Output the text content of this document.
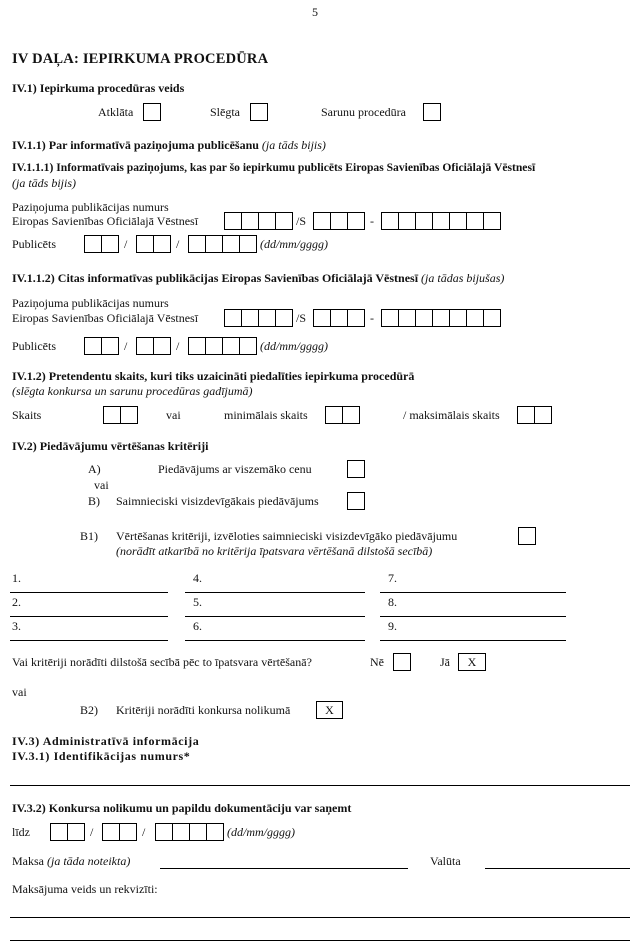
5
IV DAĻA: IEPIRKUMA PROCEDŪRA
IV.1) Iepirkuma procedūras veids
Atklāta	Slēgta	Sarunu procedūra
IV.1.1) Par informatīvā paziņojuma publicēšanu (ja tāds bijis)
IV.1.1.1) Informatīvais paziņojums, kas par šo iepirkumu publicēts Eiropas Savienības Oficiālajā Vēstnesī
(ja tāds bijis)
Paziņojuma publikācijas numurs
Eiropas Savienības Oficiālajā Vēstnesī	/S	-
Publicēts	/	/	(dd/mm/gggg)
IV.1.1.2) Citas informatīvas publikācijas Eiropas Savienības Oficiālajā Vēstnesī (ja tādas bijušas)
Paziņojuma publikācijas numurs
Eiropas Savienības Oficiālajā Vēstnesī	/S	-
Publicēts	/	/	(dd/mm/gggg)
IV.1.2) Pretendentu skaits, kuri tiks uzaicināti piedalīties iepirkuma procedūrā
(slēgta konkursa un sarunu procedūras gadījumā)
Skaits	vai	minimālais skaits	/ maksimālais skaits
IV.2) Piedāvājumu vērtēšanas kritēriji
A)	Piedāvājums ar viszemāko cenu
vai
B) Saimnieciski visizdevīgākais piedāvājums
B1) Vērtēšanas kritēriji, izvēloties saimnieciski visizdevīgāko piedāvājumu
(norādīt atkarībā no kritērija īpatsvara vērtēšanā dilstošā secībā)
1.
2.
3.
4.
5.
6.
7.
8.
9.
Vai kritēriji norādīti dilstošā secībā pēc to īpatsvara vērtēšanā?	Nē	Jā X
vai
B2) Kritēriji norādīti konkursa nolikumā	X
IV.3) Administratīvā informācija
IV.3.1) Identifikācijas numurs*
IV.3.2) Konkursa nolikumu un papildu dokumentāciju var saņemt
līdz	/	/	(dd/mm/gggg)
Maksa (ja tāda noteikta)	Valūta
Maksājuma veids un rekvizīti:
